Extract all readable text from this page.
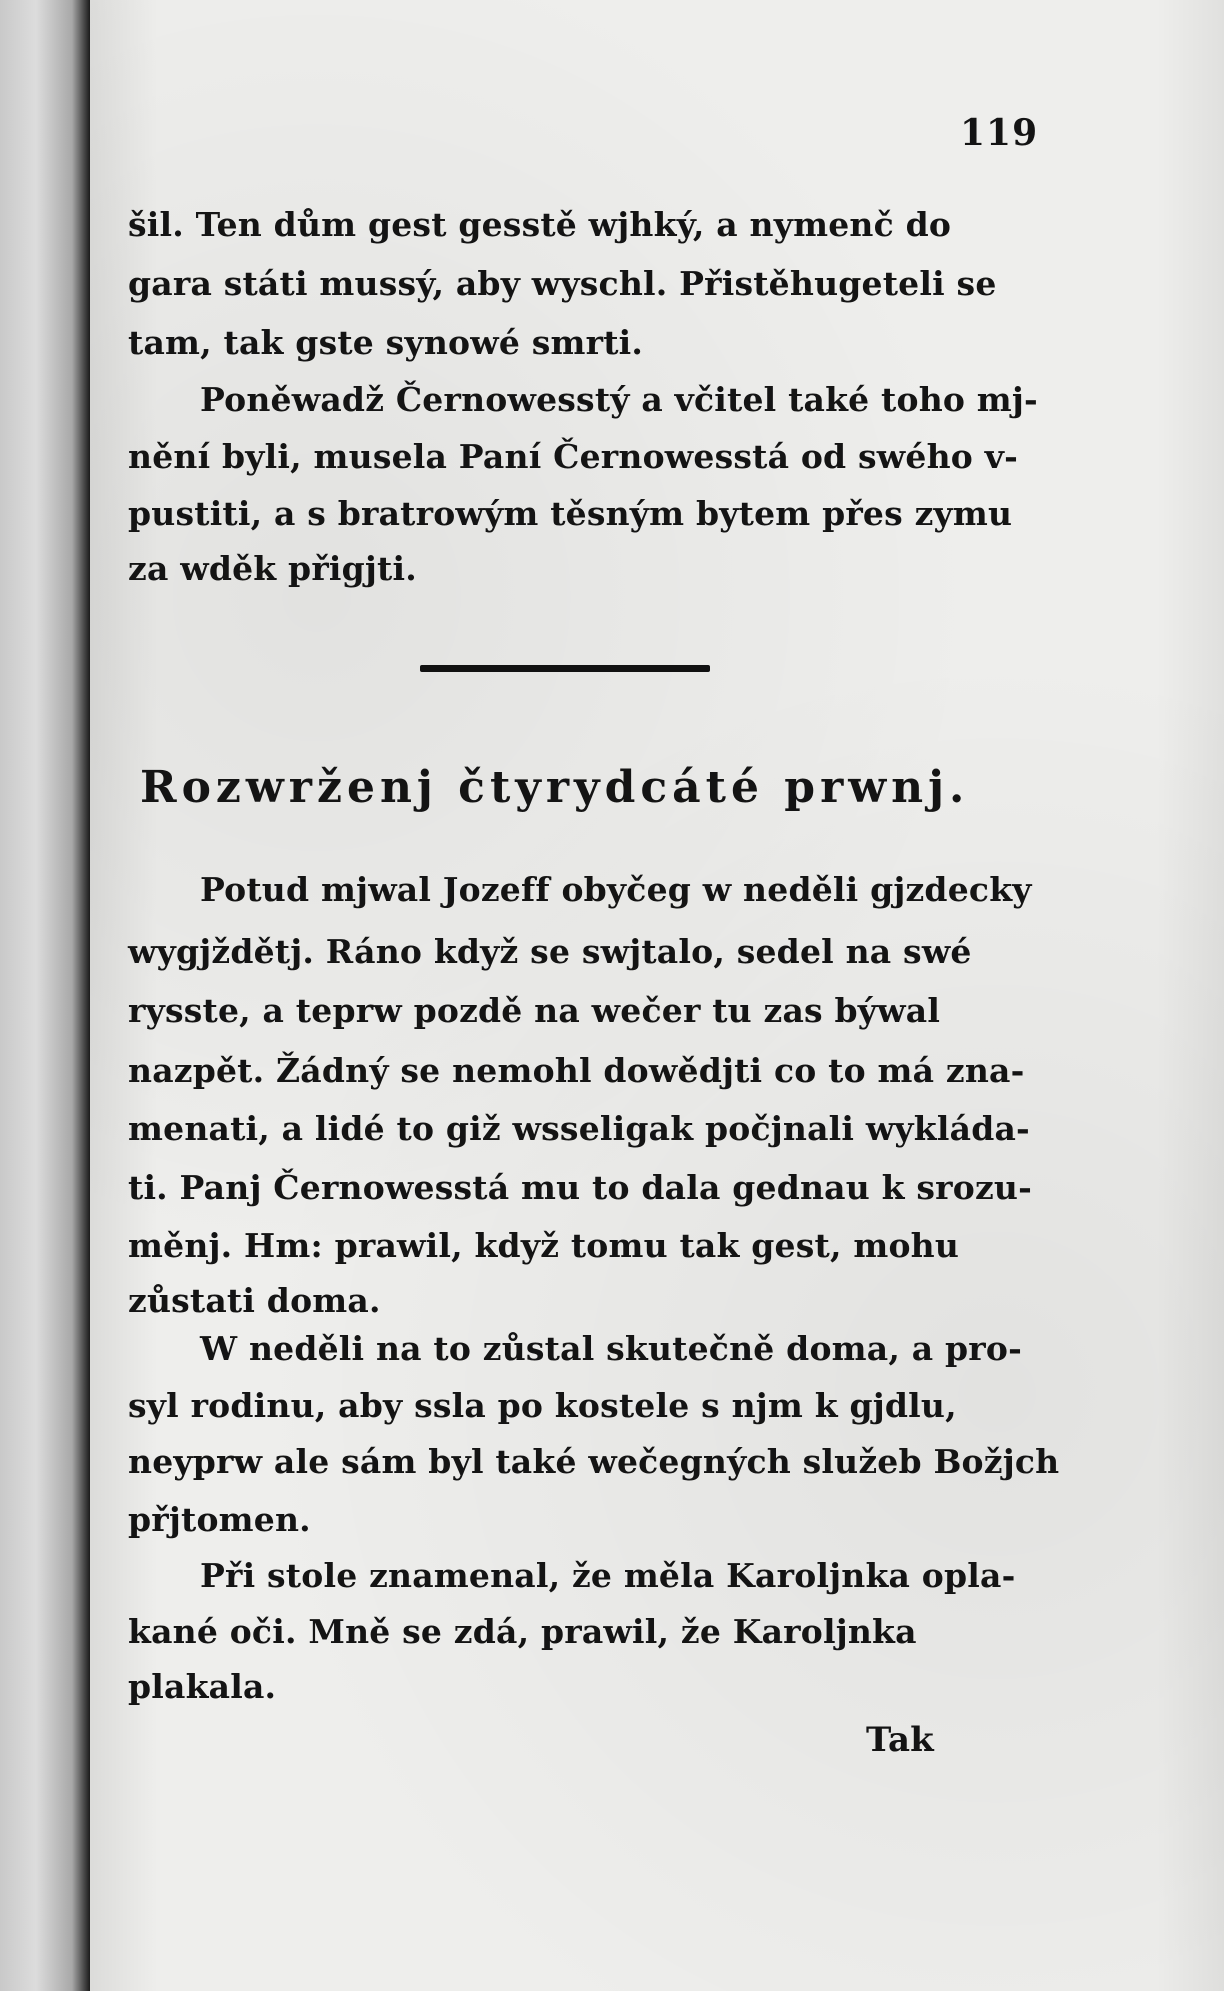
119
šil. Ten dům gest gesstě wjhký, a nymenč do
gara státi mussý, aby wyschl. Přistěhugeteli se
tam, tak gste synowé smrti.
Poněwadž Černowesstý a včitel také toho mj-
nění byli, musela Paní Černowesstá od swého v-
pustiti, a s bratrowým těsným bytem přes zymu
za wděk přigjti.
Rozwrženj čtyrydcáté prwnj.
Potud mjwal Jozeff obyčeg w neděli gjzdecky
wygjždětj. Ráno když se swjtalo, sedel na swé
rysste, a teprw pozdě na wečer tu zas býwal
nazpět. Žádný se nemohl dowědjti co to má zna-
menati, a lidé to giž wsseligak počjnali wykláda-
ti. Panj Černowesstá mu to dala gednau k srozu-
měnj. Hm: prawil, když tomu tak gest, mohu
zůstati doma.
W neděli na to zůstal skutečně doma, a pro-
syl rodinu, aby ssla po kostele s njm k gjdlu,
neyprw ale sám byl také wečegných služeb Božjch
přjtomen.
Při stole znamenal, že měla Karoljnka opla-
kané oči. Mně se zdá, prawil, že Karoljnka
plakala.
Tak
